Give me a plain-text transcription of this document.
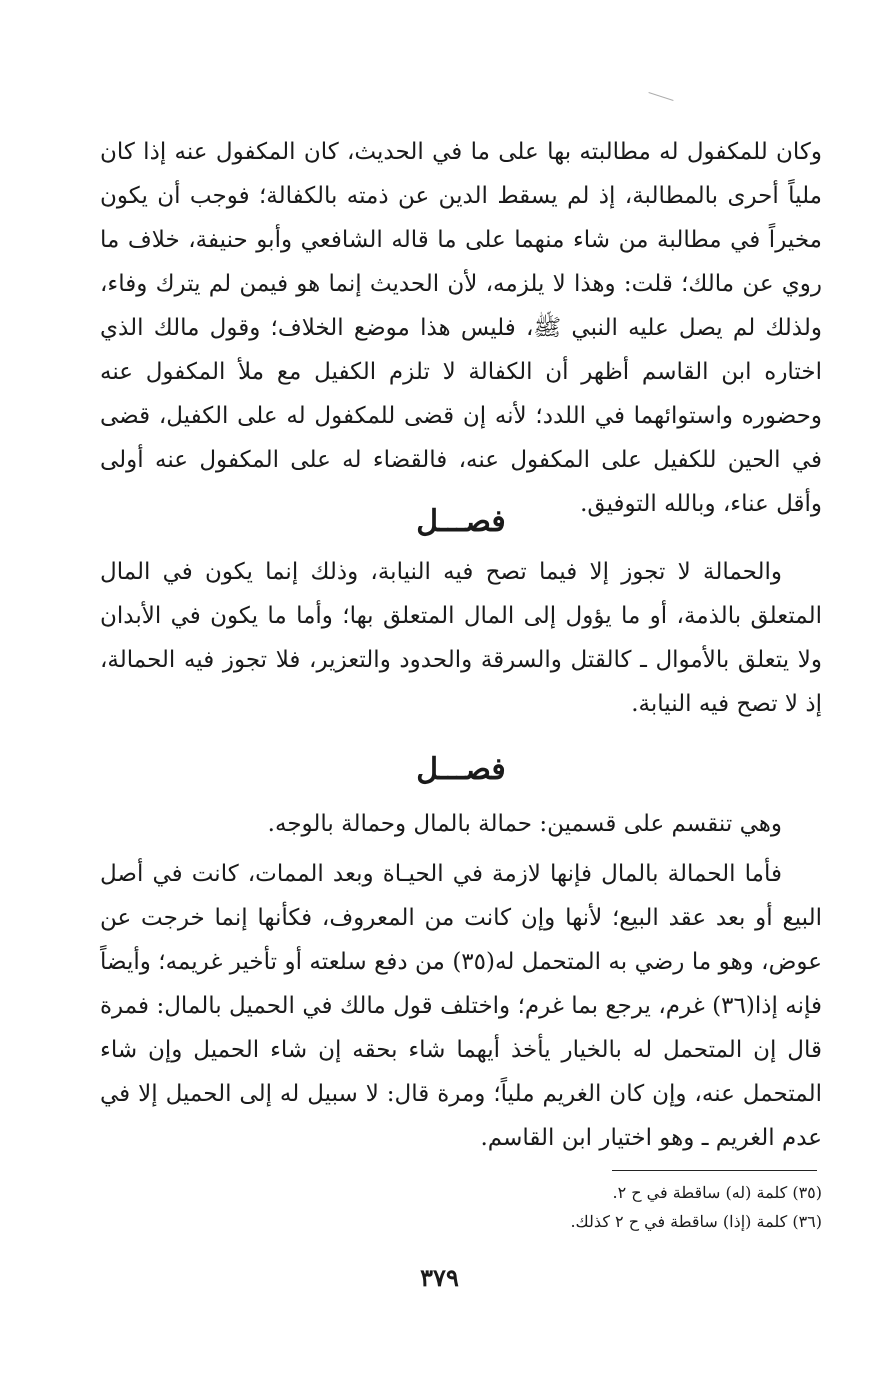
وكان للمكفول له مطالبته بها على ما في الحديث، كان المكفول عنه إذا كان ملياً أحرى بالمطالبة، إذ لم يسقط الدين عن ذمته بالكفالة؛ فوجب أن يكون مخيراً في مطالبة من شاء منهما على ما قاله الشافعي وأبو حنيفة، خلاف ما روي عن مالك؛ قلت: وهذا لا يلزمه، لأن الحديث إنما هو فيمن لم يترك وفاء، ولذلك لم يصل عليه النبي ﷺ، فليس هذا موضع الخلاف؛ وقول مالك الذي اختاره ابن القاسم أظهر أن الكفالة لا تلزم الكفيل مع ملأ المكفول عنه وحضوره واستوائهما في اللدد؛ لأنه إن قضى للمكفول له على الكفيل، قضى في الحين للكفيل على المكفول عنه، فالقضاء له على المكفول عنه أولى وأقل عناء، وبالله التوفيق.
فصـــل
والحمالة لا تجوز إلا فيما تصح فيه النيابة، وذلك إنما يكون في المال المتعلق بالذمة، أو ما يؤول إلى المال المتعلق بها؛ وأما ما يكون في الأبدان ولا يتعلق بالأموال ـ كالقتل والسرقة والحدود والتعزير، فلا تجوز فيه الحمالة، إذ لا تصح فيه النيابة.
فصـــل
وهي تنقسم على قسمين: حمالة بالمال وحمالة بالوجه.
فأما الحمالة بالمال فإنها لازمة في الحيـاة وبعد الممات، كانت في أصل البيع أو بعد عقد البيع؛ لأنها وإن كانت من المعروف، فكأنها إنما خرجت عن عوض، وهو ما رضي به المتحمل له(٣٥) من دفع سلعته أو تأخير غريمه؛ وأيضاً فإنه إذا(٣٦) غرم، يرجع بما غرم؛ واختلف قول مالك في الحميل بالمال: فمرة قال إن المتحمل له بالخيار يأخذ أيهما شاء بحقه إن شاء الحميل وإن شاء المتحمل عنه، وإن كان الغريم ملياً؛ ومرة قال: لا سبيل له إلى الحميل إلا في عدم الغريم ـ وهو اختيار ابن القاسم.
(٣٥) كلمة (له) ساقطة في ح ٢.
(٣٦) كلمة (إذا) ساقطة في ح ٢ كذلك.
٣٧٩
